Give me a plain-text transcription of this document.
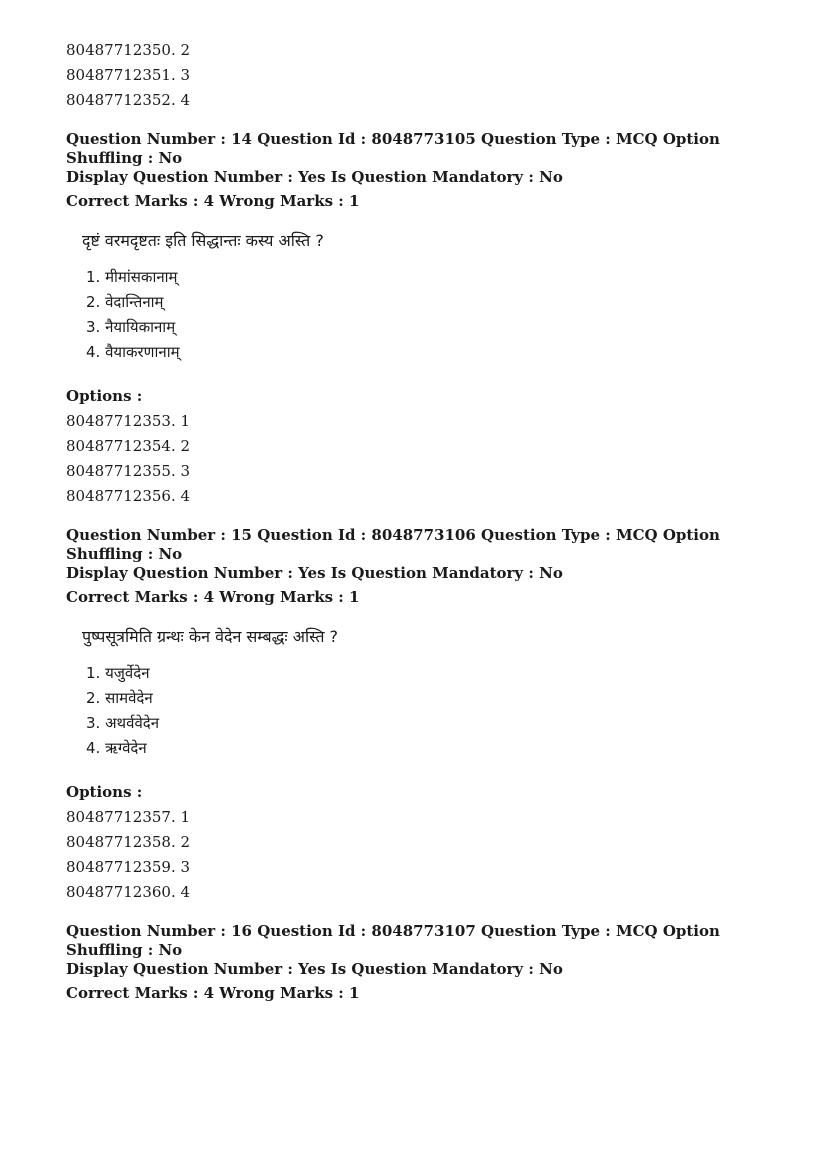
80487712350. 2
80487712351. 3
80487712352. 4
Question Number : 14 Question Id : 8048773105 Question Type : MCQ Option Shuffling : No
Display Question Number : Yes Is Question Mandatory : No
Correct Marks : 4 Wrong Marks : 1
दृष्टं वरमदृष्टतः इति सिद्धान्तः कस्य अस्ति ?
1. मीमांसकानाम्
2. वेदान्तिनाम्
3. नैयायिकानाम्
4. वैयाकरणानाम्
Options :
80487712353. 1
80487712354. 2
80487712355. 3
80487712356. 4
Question Number : 15 Question Id : 8048773106 Question Type : MCQ Option Shuffling : No
Display Question Number : Yes Is Question Mandatory : No
Correct Marks : 4 Wrong Marks : 1
पुष्पसूत्रमिति ग्रन्थः केन वेदेन सम्बद्धः अस्ति ?
1. यजुर्वेदेन
2. सामवेदेन
3. अथर्ववेदेन
4. ऋग्वेदेन
Options :
80487712357. 1
80487712358. 2
80487712359. 3
80487712360. 4
Question Number : 16 Question Id : 8048773107 Question Type : MCQ Option Shuffling : No
Display Question Number : Yes Is Question Mandatory : No
Correct Marks : 4 Wrong Marks : 1
